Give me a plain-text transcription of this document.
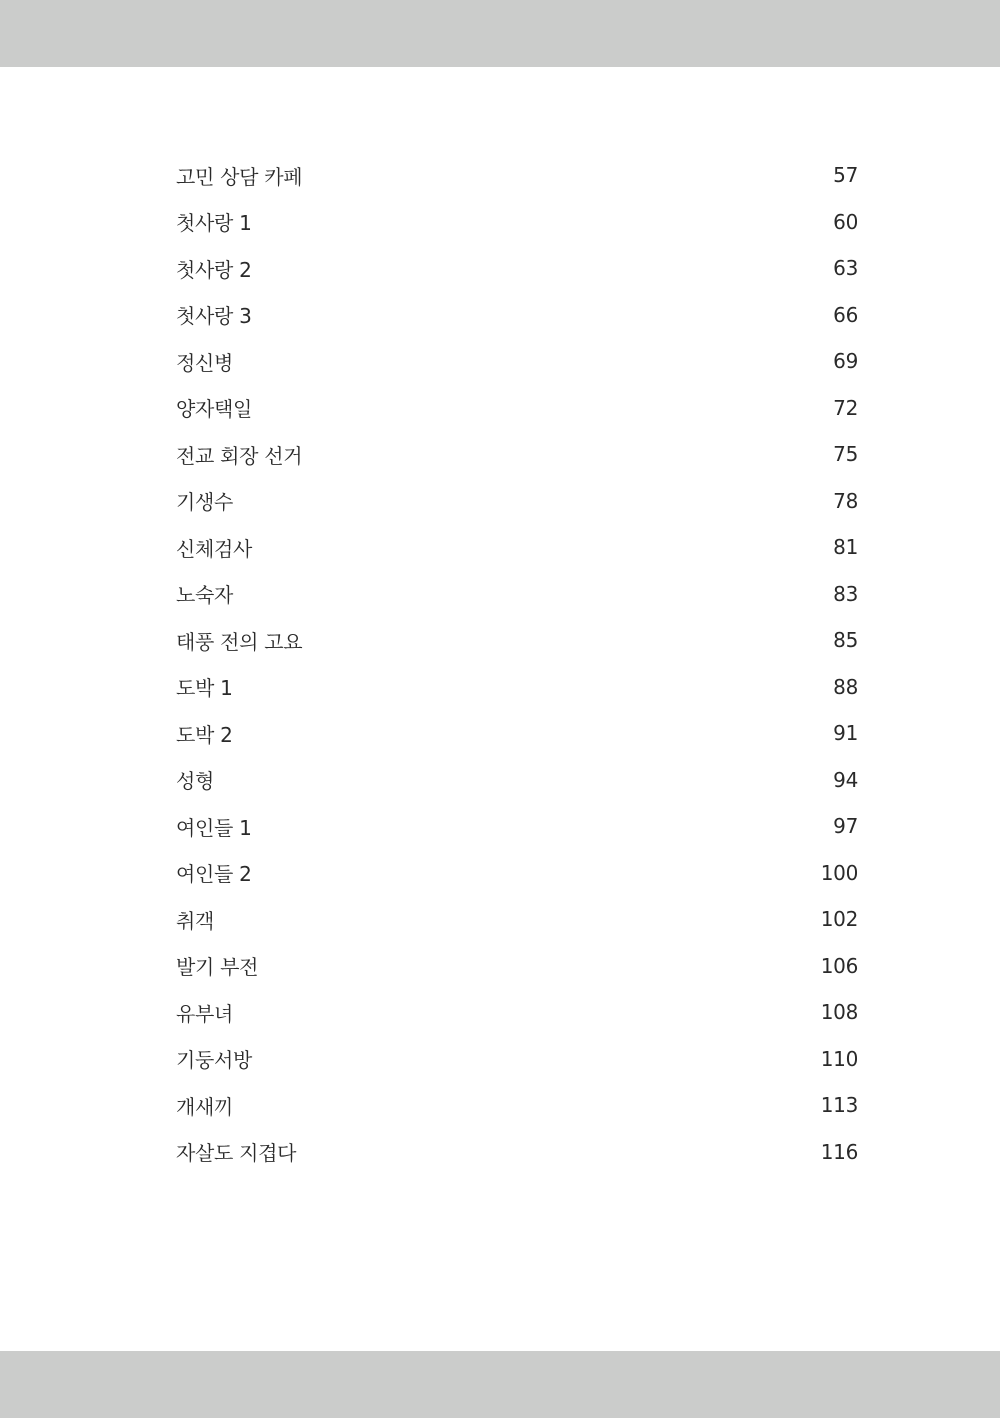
고민 상담 카페	57
첫사랑 1	60
첫사랑 2	63
첫사랑 3	66
정신병	69
양자택일	72
전교 회장 선거	75
기생수	78
신체검사	81
노숙자	83
태풍 전의 고요	85
도박 1	88
도박 2	91
성형	94
여인들 1	97
여인들 2	100
취객	102
발기 부전	106
유부녀	108
기둥서방	110
개새끼	113
자살도 지겹다	116
